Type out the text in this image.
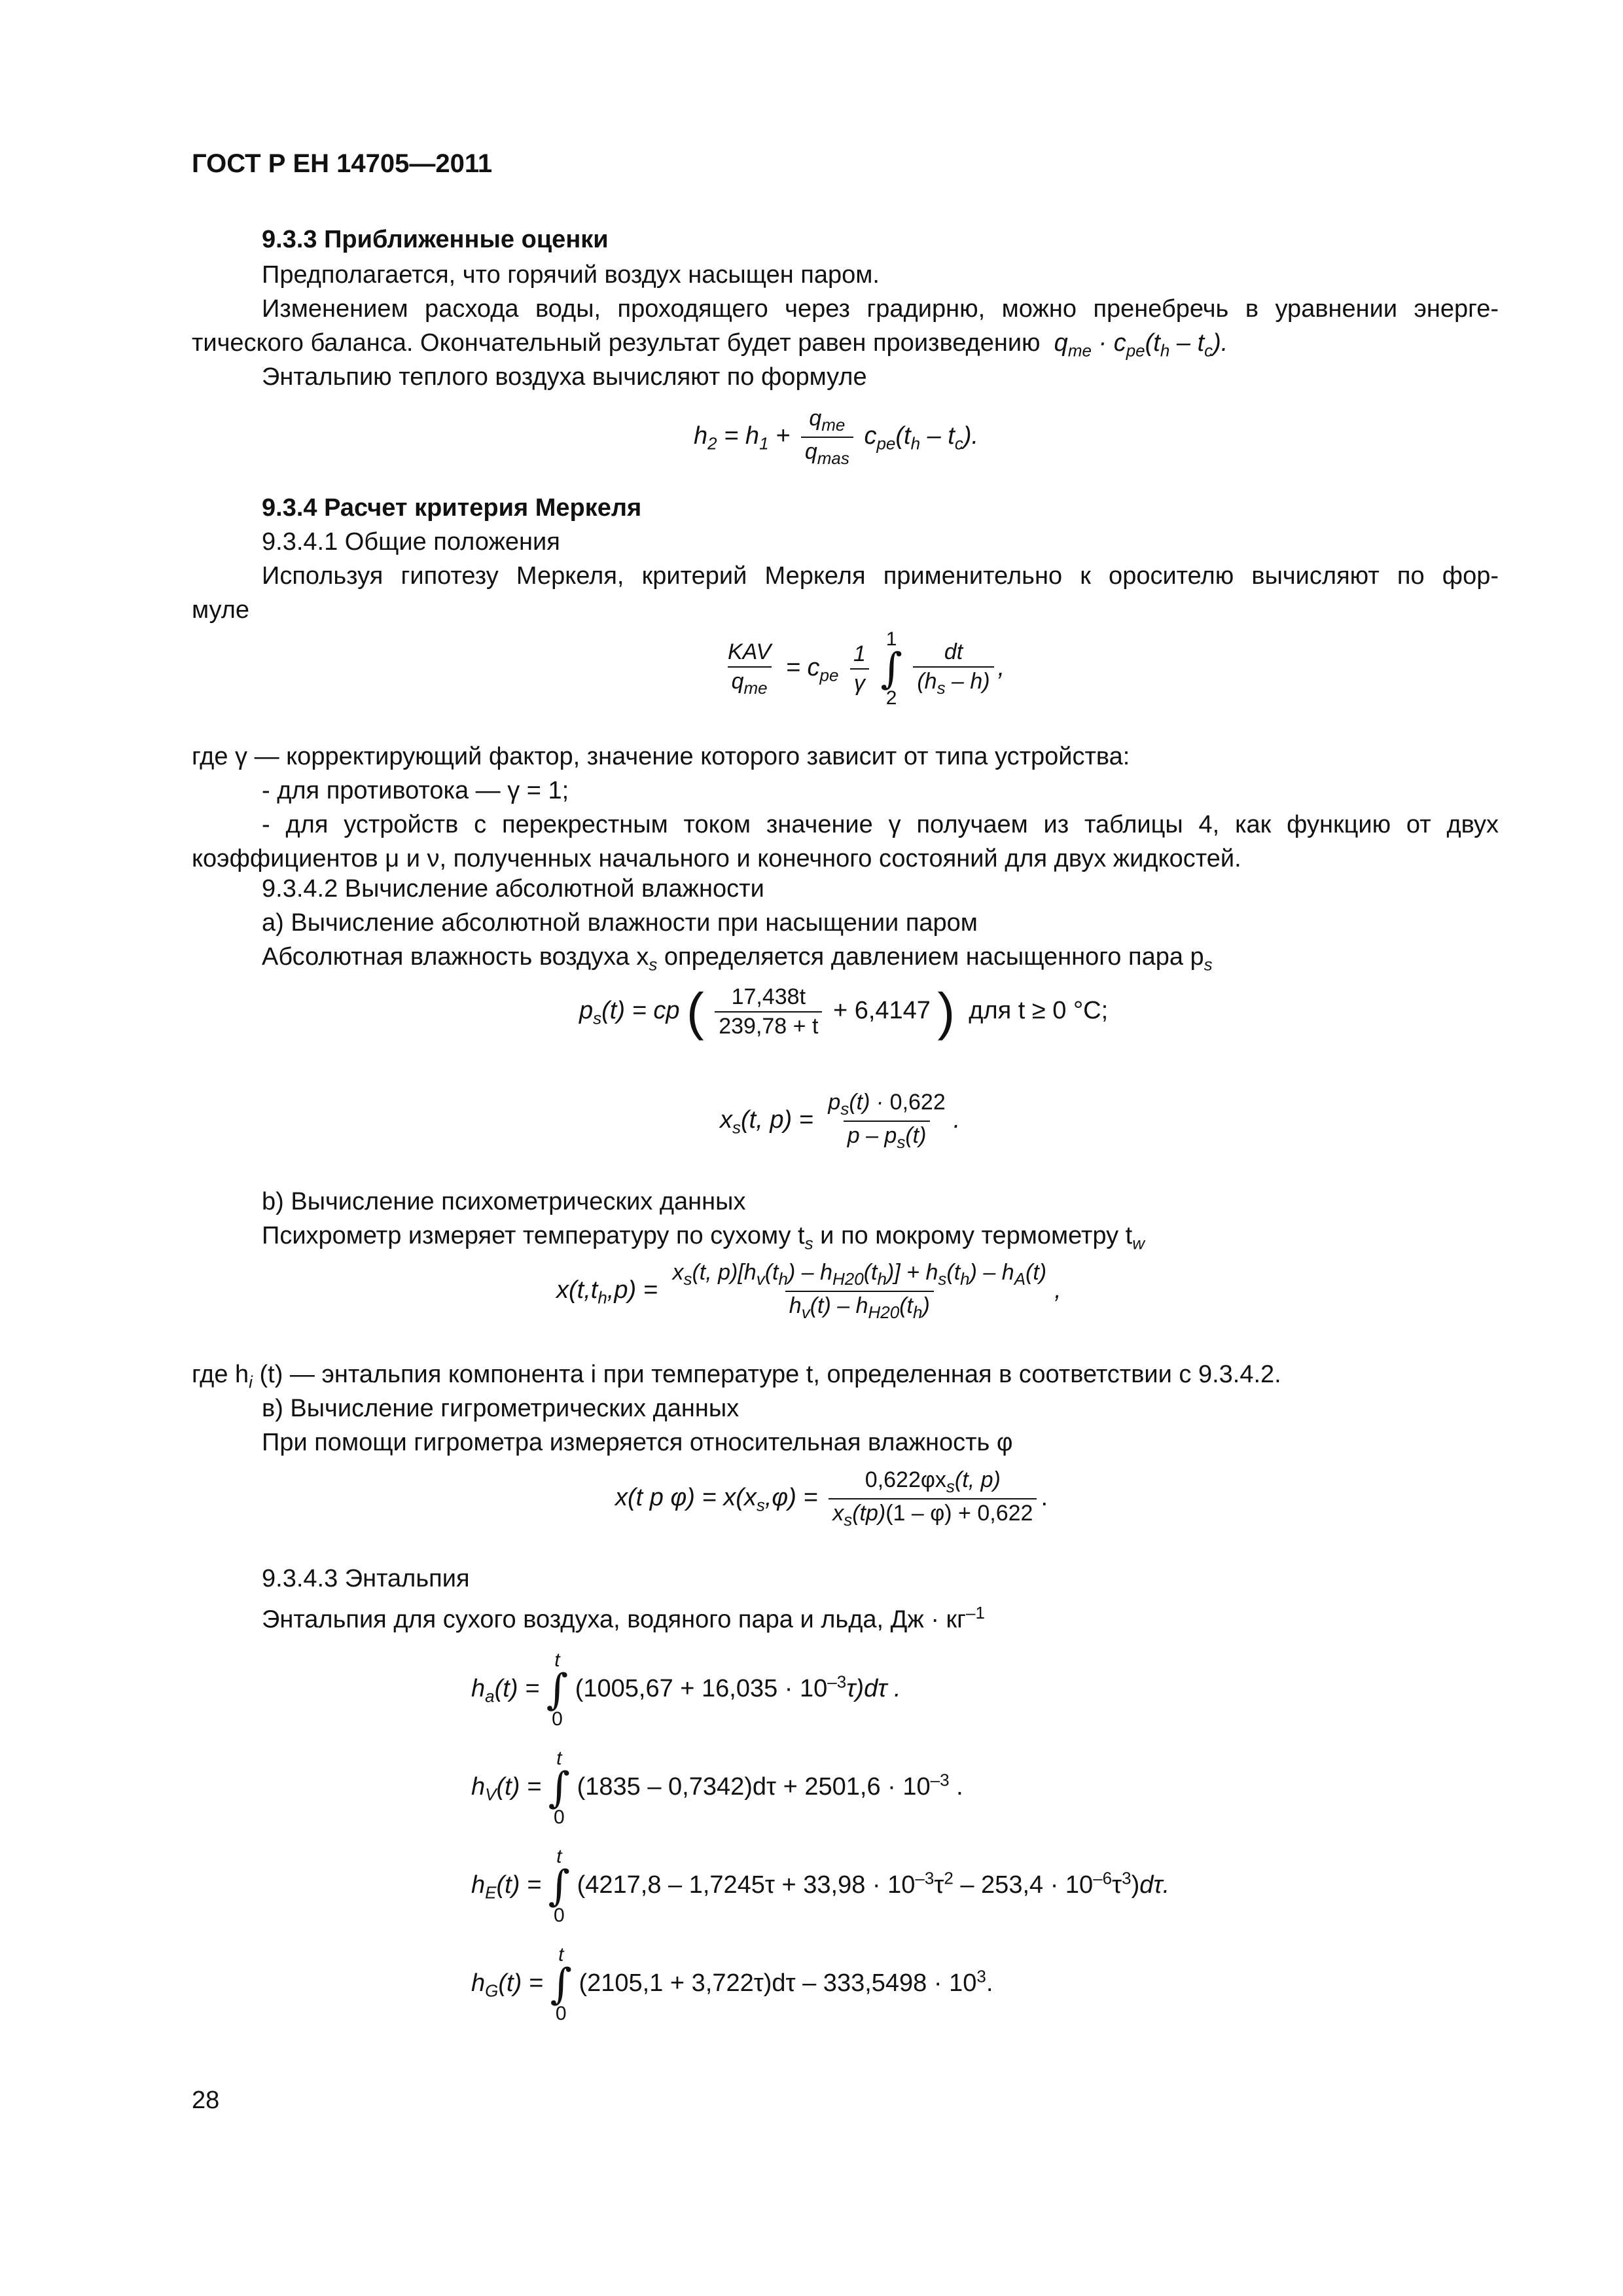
ГОСТ Р ЕН 14705—2011
9.3.3 Приближенные оценки
Предполагается, что горячий воздух насыщен паром.
Изменением расхода воды, проходящего через градирню, можно пренебречь в уравнении энерге-
тического баланса. Окончательный результат будет равен произведению  $q_{me} \cdot c_{pe}(t_h - t_c)$.
Энтальпию теплого воздуха вычисляют по формуле
$h_2 = h_1 + \frac{q_{me}}{q_{mas}} c_{pe}(t_h - t_c)$.
9.3.4 Расчет критерия Меркеля
9.3.4.1 Общие положения
Используя гипотезу Меркеля, критерий Меркеля применительно к оросителю вычисляют по фор-
муле
$\frac{\text{KAV}}{q_{me}} = c_{pe} \frac{1}{\gamma}$

1
∫
2
$\frac{dt}{(h_s - h)}$ ,
где γ — корректирующий фактор, значение которого зависит от типа устройства:
- для противотока — γ = 1;
- для устройств с перекрестным током значение γ получаем из таблицы 4, как функцию от двух
коэффициентов μ и ν, полученных начального и конечного состояний для двух жидкостей.
9.3.4.2 Вычисление абсолютной влажности
а) Вычисление абсолютной влажности при насыщении паром
Абсолютная влажность воздуха $x_s$ определяется давлением насыщенного пара $p_s$
$p_s(t)$ = cp ( $\frac{17,438t}{239,78 + t} + 6,4147$ ) для t ≥ 0 °С;
$x_s(t$, $p) = \frac{p_s(t) \cdot 0,622}{p - p_s(t)}$ .
b) Вычисление психометрических данных
Психрометр измеряет температуру по сухому $t_s$ и по мокрому термометру $t_w$
$x(t,t_h,p) = \frac{x_s(t, p)[h_v(t_h) - h_{H20}(t_h)] + h_s(t_h) - h_A(t)}{h_v(t) - h_{H20}(t_h)}$ ,
где $h_i$ (t) — энтальпия компонента i при температуре t, определенная в соответствии с 9.3.4.2.
в) Вычисление гигрометрических данных
При помощи гигрометра измеряется относительная влажность φ
x(t p $\varphi) = x(x_s,\varphi) = \frac{0,622\varphi x_s(t, p)}{x_s(tp)(1 - \varphi) + 0,622}$ .
9.3.4.3 Энтальпия
Энтальпия для сухого воздуха, водяного пара и льда, Дж · $кг^{-1}$
$h_a(t)$ =
t
∫
0
$(1005,67 + 16,035 \cdot 10^{-3}\tau)d\tau$ .
$h_V(t)$ =
t
∫
0
$(1835 - 0,7342)d\tau + 2501,6 \cdot 10^{-3}$ .
$h_E(t)$ =
t
∫
0
$(4217,8 - 1,7245\tau + 33,98 \cdot 10^{-3}\tau^2 - 253,4 \cdot 10^{-6}\tau^3)d\tau$.
$h_G(t)$ =
t
∫
0
$(2105,1 + 3,722\tau)d\tau - 333,5498 \cdot 10^3$.
28
